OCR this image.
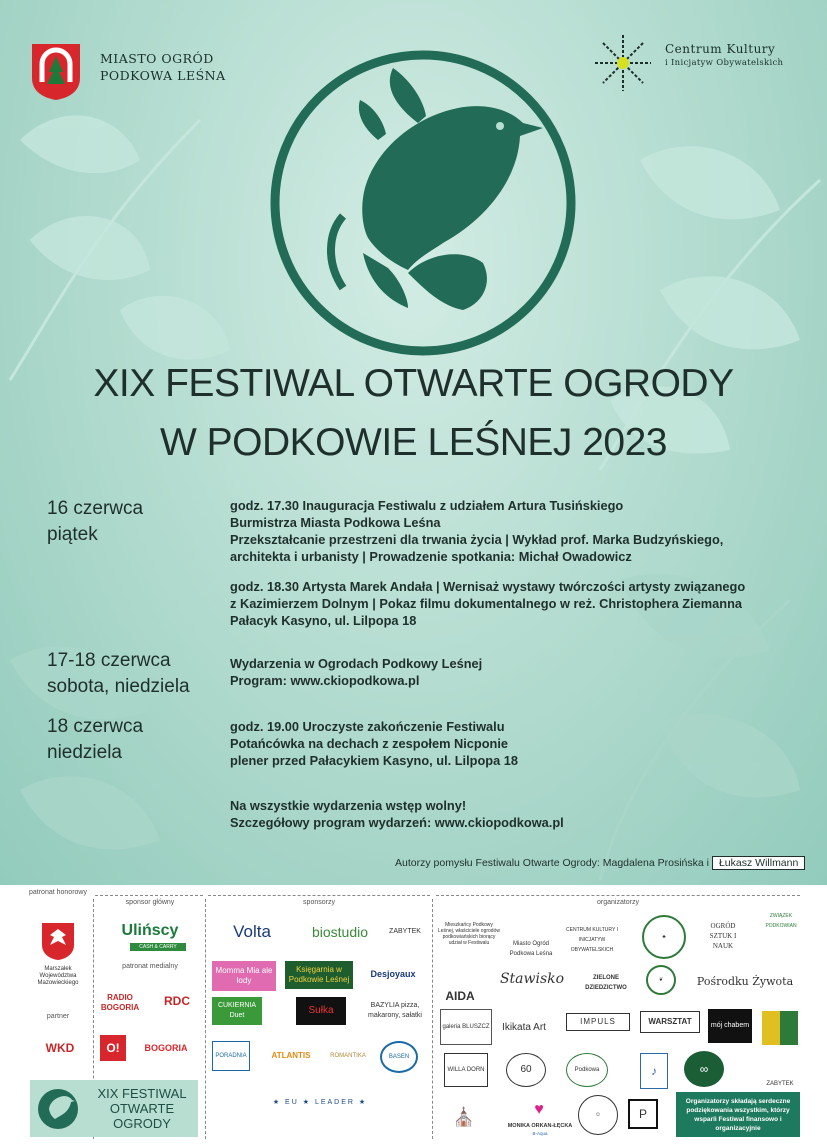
MIASTO OGRÓD
PODKOWA LEŚNA
Centrum Kultury
i Inicjatyw Obywatelskich
XIX FESTIWAL OTWARTE OGRODY
W PODKOWIE LEŚNEJ 2023
16 czerwca
piątek
godz. 17.30 Inauguracja Festiwalu z udziałem Artura Tusińskiego
Burmistrza Miasta Podkowa Leśna
Przekształcanie przestrzeni dla trwania życia | Wykład prof. Marka Budzyńskiego,
architekta i urbanisty | Prowadzenie spotkania: Michał Owadowicz
godz. 18.30 Artysta Marek Andała | Wernisaż wystawy twórczości artysty związanego
z Kazimierzem Dolnym | Pokaz filmu dokumentalnego w reż. Christophera Ziemanna
Pałacyk Kasyno, ul. Lilpopa 18
17-18 czerwca
sobota, niedziela
Wydarzenia w Ogrodach Podkowy Leśnej
Program: www.ckiopodkowa.pl
18 czerwca
niedziela
godz. 19.00 Uroczyste zakończenie Festiwalu
Potańcówka na dechach z zespołem Nicponie
plener przed Pałacykiem Kasyno, ul. Lilpopa 18
Na wszystkie wydarzenia wstęp wolny!
Szczegółowy program wydarzeń: www.ckiopodkowa.pl
Autorzy pomysłu Festiwalu Otwarte Ogrody: Magdalena Prosińska i Łukasz Willmann
patronat honorowy
Marszałek Województwa Mazowieckiego
partner
WKD
sponsor główny
Ulińscy
CASH & CARRY
patronat medialny
RADIO BOGORIA	RDC
O!	BOGORIA
sponsorzy
Volta	biostudio	ZABYTEK
Momma Mia ale lody
Księgarnia w Podkowie Leśnej
Desjoyaux
CUKIERNIA Duet	Sułka	BAZYLIA pizza, makarony, sałatki
PORADNIA	ATLANTIS	ROMANTIKA	BASEN
★ EU ★ LEADER ★
organizatorzy
Mieszkańcy Podkowy Leśnej, właściciele ogrodów podkowiańskich biorący udział w Festiwalu	Miasto Ogród Podkowa Leśna
CENTRUM KULTURY I INICJATYW OBYWATELSKICH
♣
OGRÓD SZTUK I NAUK
ZWIĄZEK PODKOWIAN
AIDA
Stawisko	ZIELONE DZIEDZICTWO
❦	Pośrodku Żywota
galeria BLUSZCZ Ikikata Art
IMPULS	WARSZTAT	mój chabem
WILLA DORN	60	Podkowa	♪	∞
ZABYTEK
⛪	♥
MONIKA ORKAN-ŁĘCKA
B-Aqua
☺	P
Organizatorzy składają serdeczne podziękowania wszystkim, którzy wsparli Festiwal finansowo i organizacyjnie
XIX FESTIWAL
OTWARTE
OGRODY
